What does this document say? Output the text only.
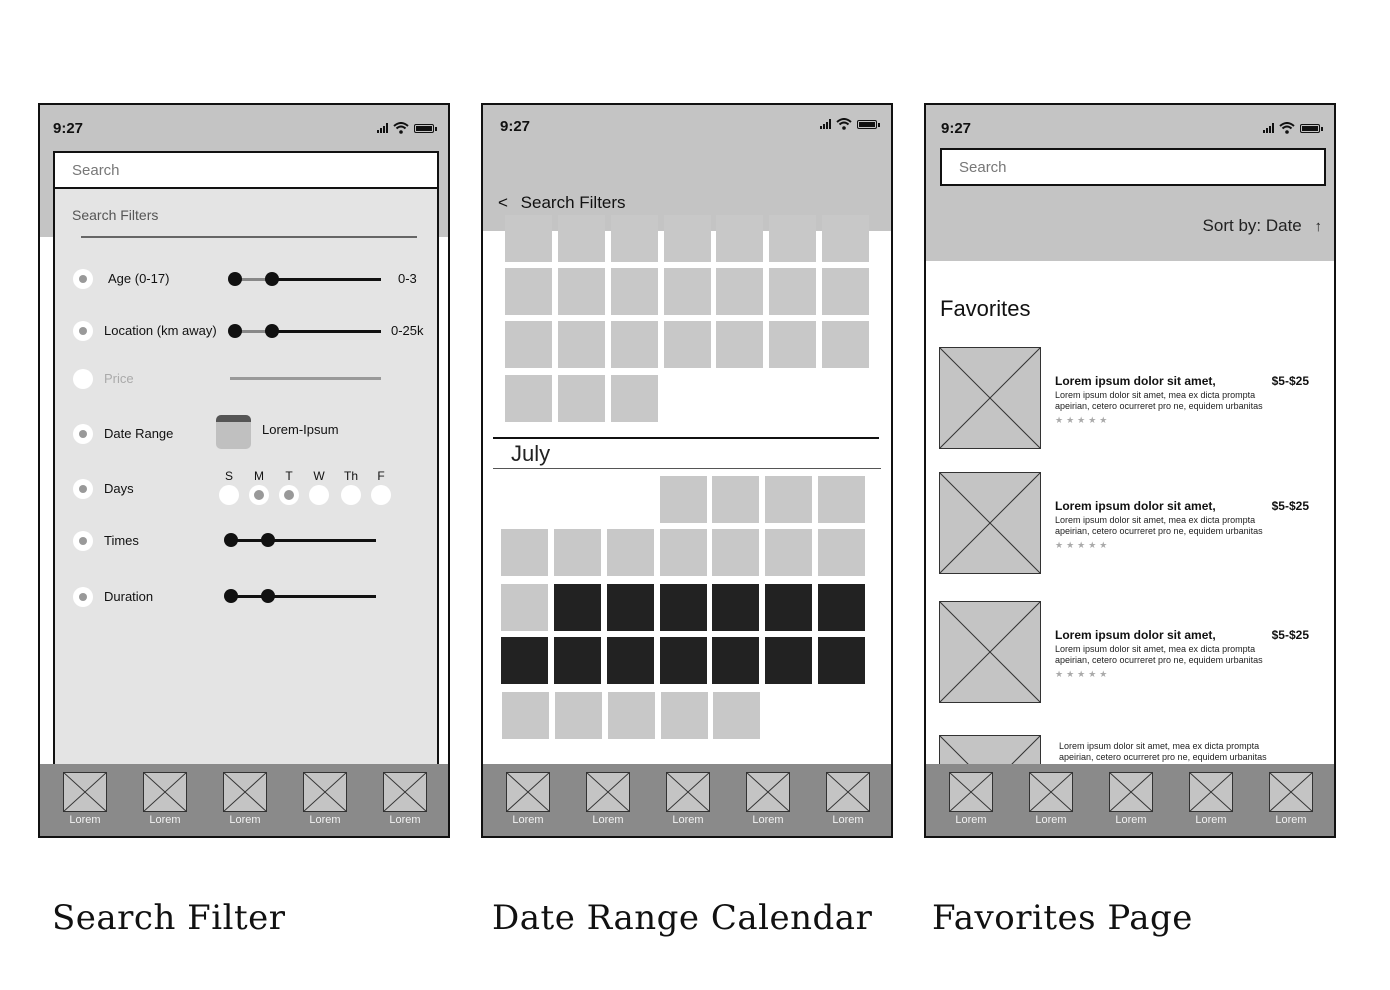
9:27
Search
Search Filters
Age (0-17)	0-3
Location (km away)	0-25k
Price
Date Range	Lorem-Ipsum
Days
S	M	T	W	Th	F
Times
Duration
Lorem	Lorem	Lorem	Lorem	Lorem
9:27
< Search Filters
July
Lorem	Lorem	Lorem	Lorem	Lorem
9:27
Search
Sort by: Date ↑
Favorites
Lorem ipsum dolor sit amet,	$5-$25
Lorem ipsum dolor sit amet, mea ex dicta prompta apeirian, cetero ocurreret pro ne, equidem urbanitas
★★★★★
Lorem ipsum dolor sit amet,	$5-$25
Lorem ipsum dolor sit amet, mea ex dicta prompta apeirian, cetero ocurreret pro ne, equidem urbanitas
★★★★★
Lorem ipsum dolor sit amet,	$5-$25
Lorem ipsum dolor sit amet, mea ex dicta prompta apeirian, cetero ocurreret pro ne, equidem urbanitas
★★★★★
Lorem ipsum dolor sit amet, mea ex dicta prompta apeirian, cetero ocurreret pro ne, equidem urbanitas
Lorem	Lorem	Lorem	Lorem	Lorem
Search Filter	Date Range Calendar Favorites Page
